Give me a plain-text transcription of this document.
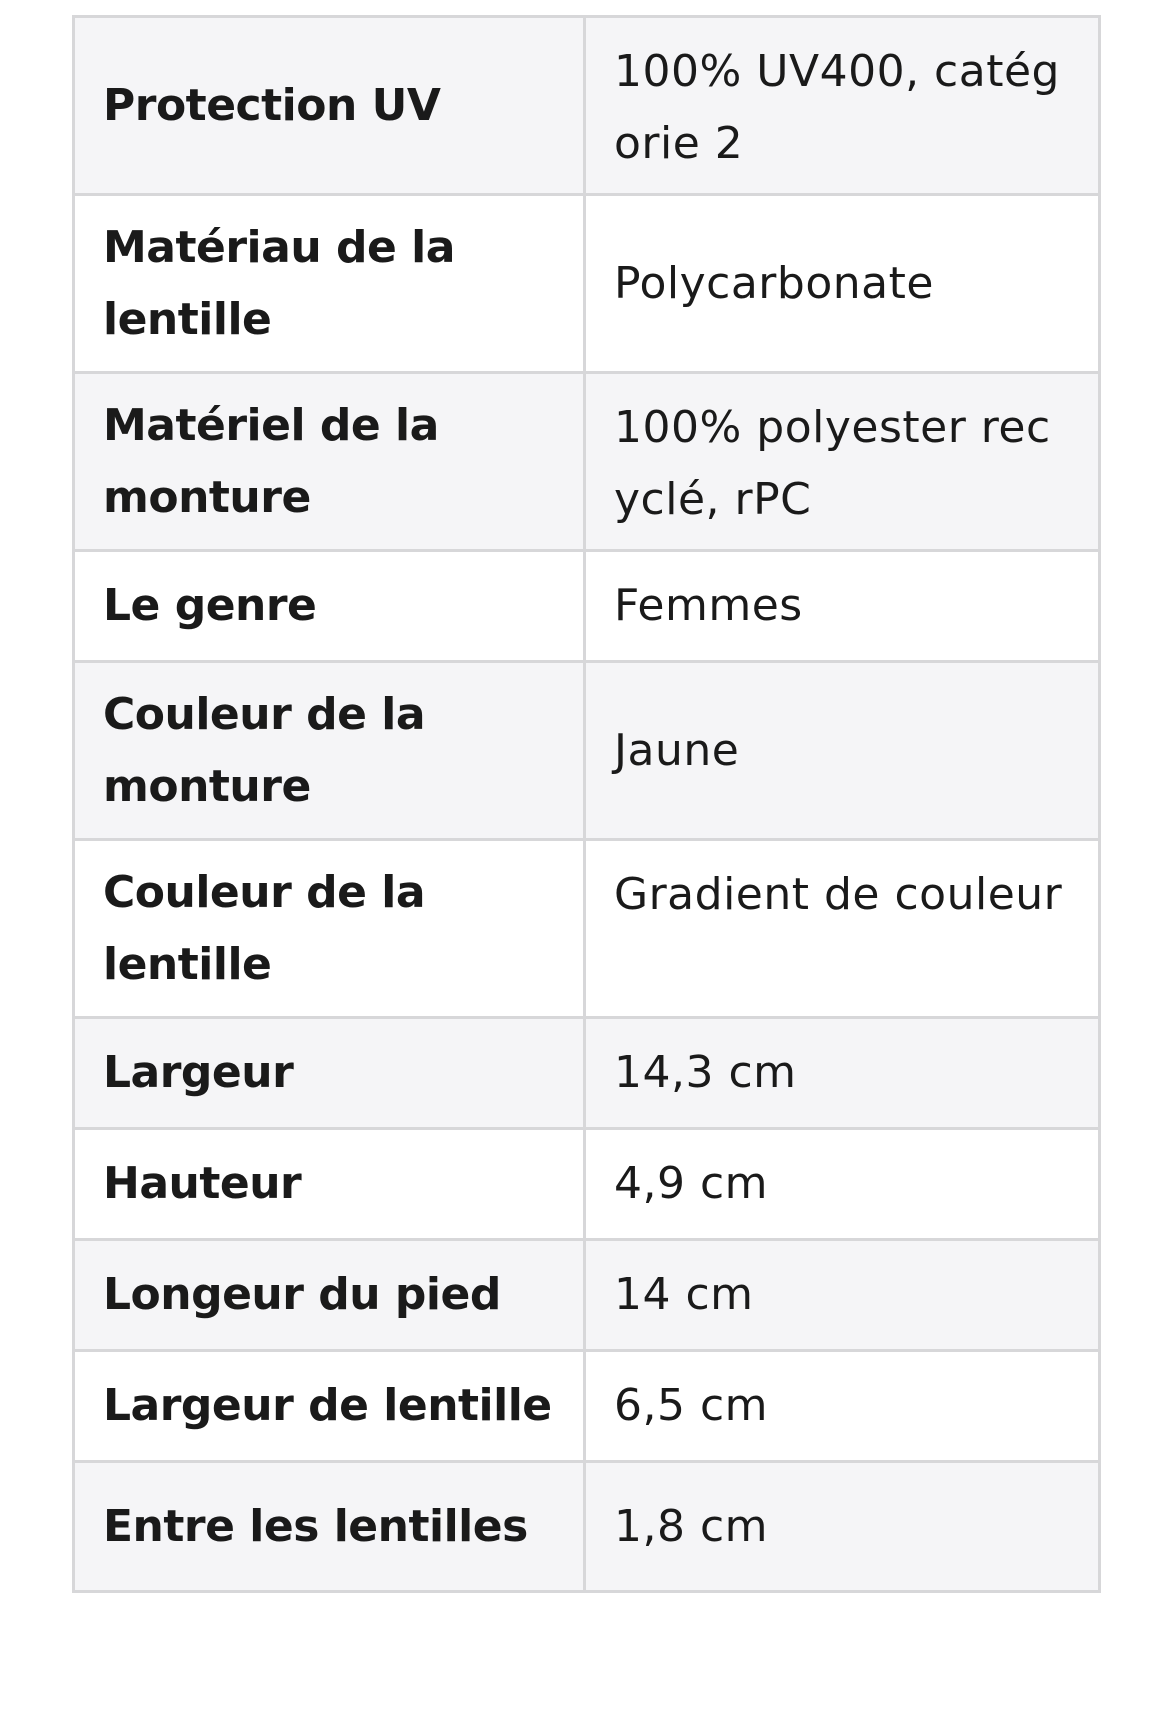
Protection UV	100% UV400, catégorie 2
Matériau de la lentille	Polycarbonate
Matériel de la monture	100% polyester recyclé, rPC
Le genre	Femmes
Couleur de la monture	Jaune
Couleur de la lentille	Gradient de couleur
Largeur	14,3 cm
Hauteur	4,9 cm
Longeur du pied	14 cm
Largeur de lentille	6,5 cm
Entre les lentilles	1,8 cm
